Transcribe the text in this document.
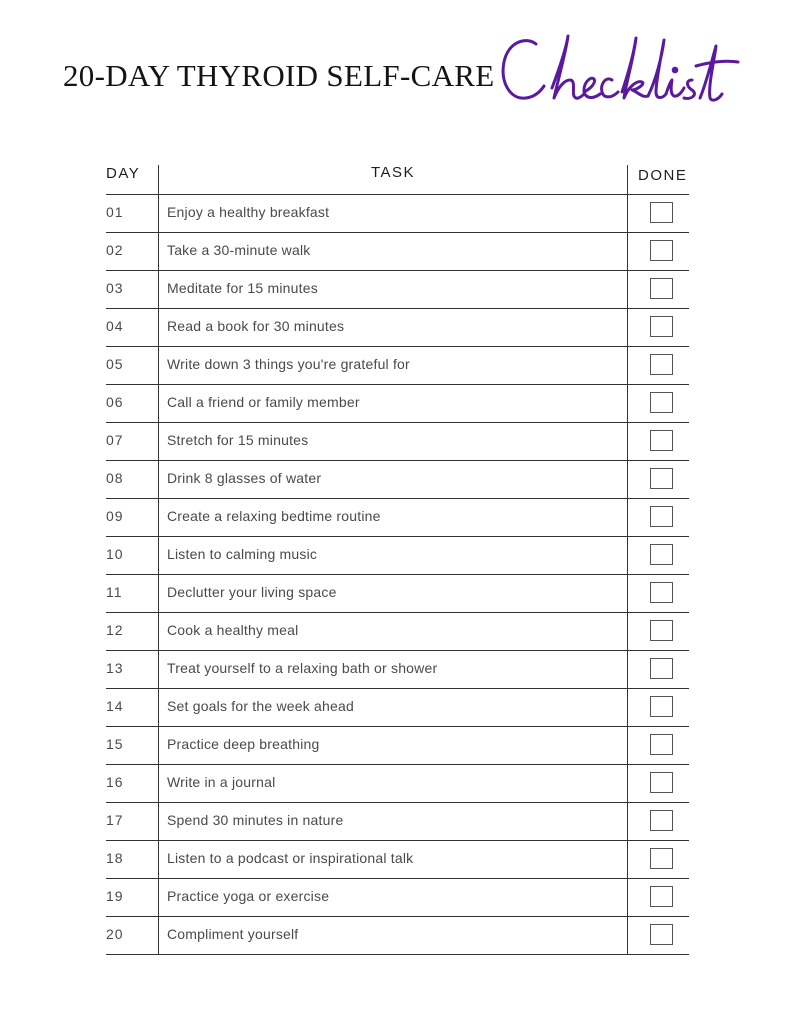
20-DAY THYROID SELF-CARE
DAY	TASK	DONE
01	Enjoy a healthy breakfast
02	Take a 30-minute walk
03	Meditate for 15 minutes
04	Read a book for 30 minutes
05	Write down 3 things you're grateful for
06	Call a friend or family member
07	Stretch for 15 minutes
08	Drink 8 glasses of water
09	Create a relaxing bedtime routine
10	Listen to calming music
11	Declutter your living space
12	Cook a healthy meal
13	Treat yourself to a relaxing bath or shower
14	Set goals for the week ahead
15	Practice deep breathing
16	Write in a journal
17	Spend 30 minutes in nature
18	Listen to a podcast or inspirational talk
19	Practice yoga or exercise
20	Compliment yourself
